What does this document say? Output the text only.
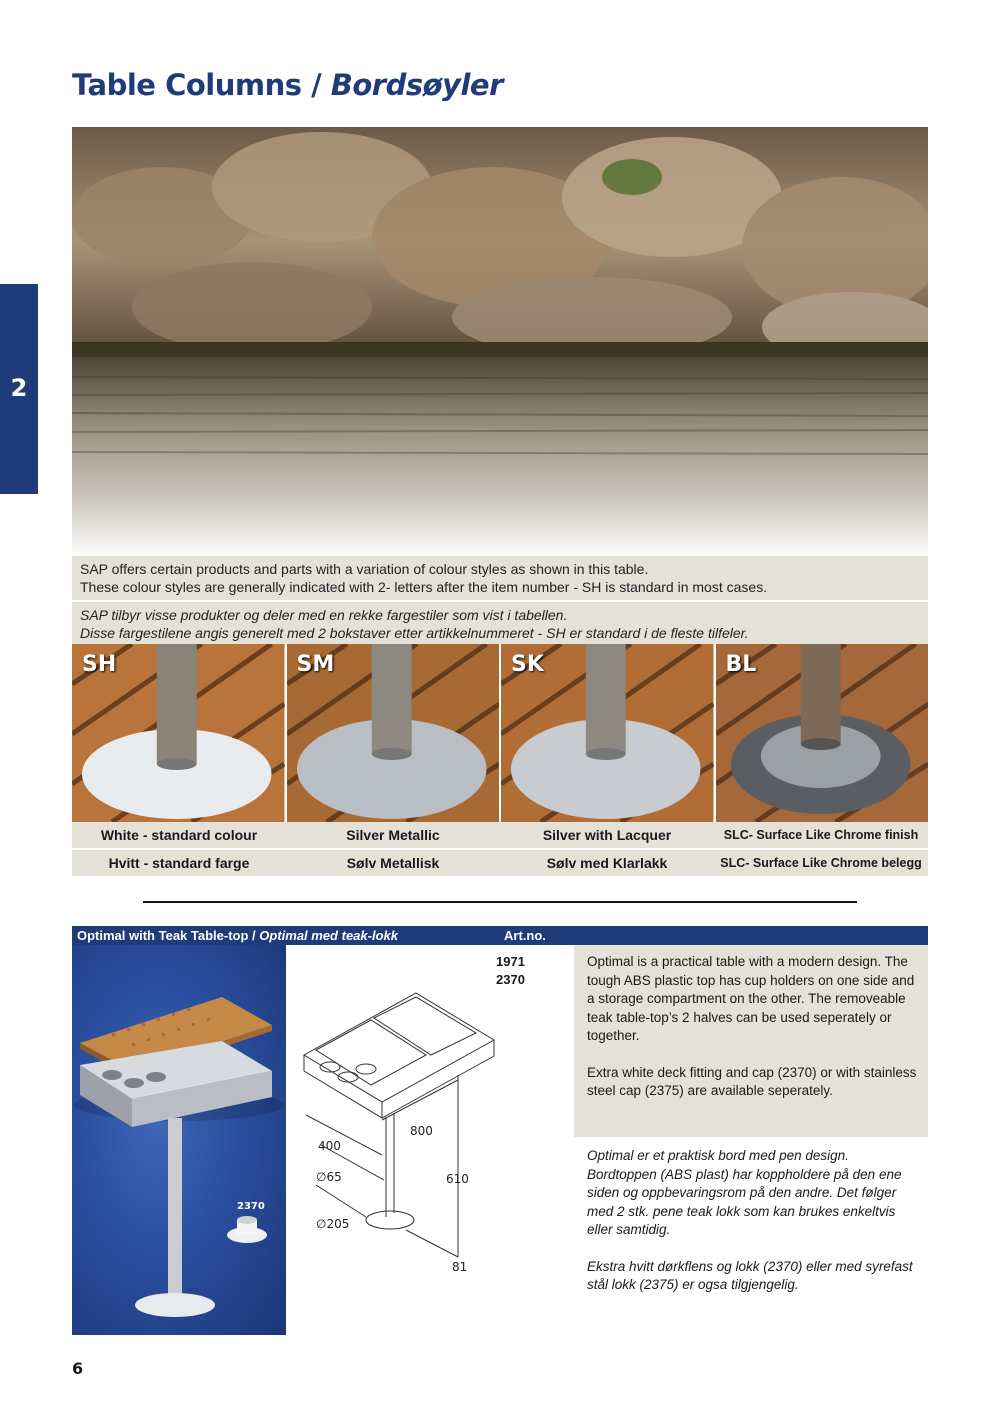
Table Columns / Bordsøyler
2
SAP offers certain products and parts with a variation of colour styles as shown in this table.
These colour styles are generally indicated with 2- letters after the item number - SH is standard in most cases.
SAP tilbyr visse produkter og deler med en rekke fargestiler som vist i tabellen.
Disse fargestilene angis generelt med 2 bokstaver etter artikkelnummeret - SH er standard i de fleste tilfeler.
SH	SM	SK	BL
White - standard colour	Silver Metallic	Silver with Lacquer	SLC- Surface Like Chrome finish
Hvitt - standard farge	Sølv Metallisk	Sølv med Klarlakk	SLC- Surface Like Chrome belegg
Optimal with Teak Table-top / Optimal med teak-lokk	Art.no.
2370
400
800
∅65	610
∅205
81
1971
2370

Optimal is a practical table with a modern design. The tough ABS plastic top has cup holders on one side and a storage compartment on the other. The removeable teak table-top’s 2 halves can be used seperately or together.

Extra white deck fitting and cap (2370) or with stainless steel cap (2375) are available seperately.

Optimal er et praktisk bord med pen design. Bordtoppen (ABS plast) har koppholdere på den ene siden og oppbevaringsrom på den andre. Det følger med 2 stk. pene teak lokk som kan brukes enkeltvis eller samtidig.

Ekstra hvitt dørkflens og lokk (2370) eller med syrefast stål lokk (2375) er ogsa tilgjengelig.

6
